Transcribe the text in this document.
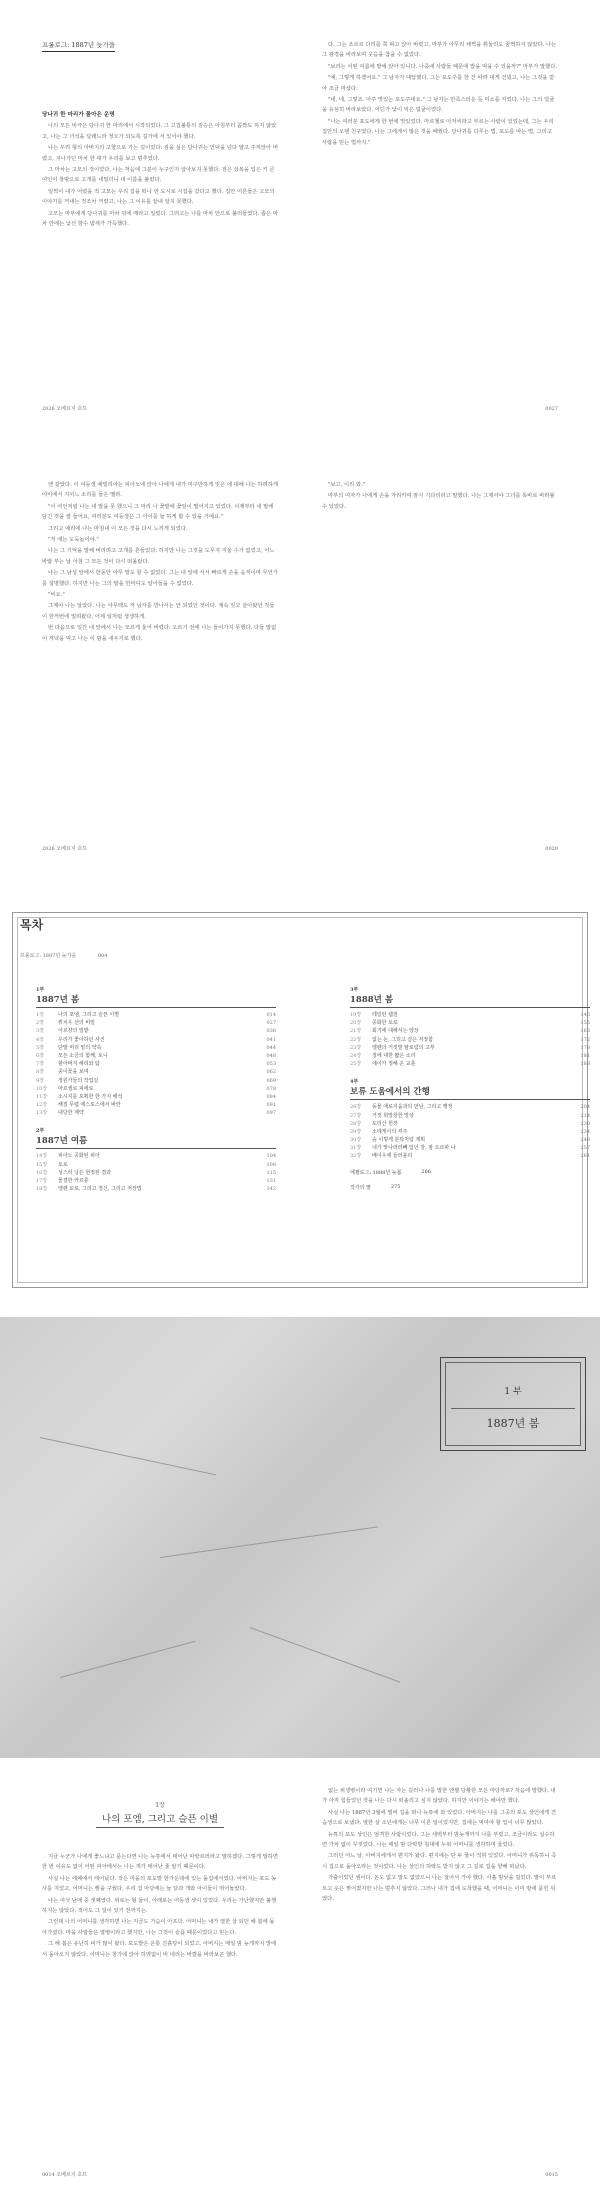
프롤로그: 1887년 늦가을

당나귀 한 마리가 몰아온 운명

나의 모든 비극은 당나귀 한 마리에서 시작되었다. 그 고집불통의 짐승은 아침부터 꼼짝도 하지 않았고, 나는 그 녀석을 달래느라 정오가 되도록 길가에 서 있어야 했다.

나는 우리 형의 아버지의 고향으로 가는 길이었다. 짐을 실은 당나귀는 언덕을 넘다 말고 주저앉아 버렸고, 지나가던 마차 한 대가 우리를 보고 멈추었다.

그 마차는 고모의 것이었다. 나는 처음에 그분이 누구인지 알아보지 못했다. 검은 상복을 입은 키 큰 여인이 창밖으로 고개를 내밀더니 내 이름을 불렀다.

일찍이 내가 어렸을 적 고모는 우리 집을 떠나 먼 도시로 시집을 갔다고 했다. 집안 어른들은 고모의 이야기를 꺼내는 것조차 꺼렸고, 나는 그 이유를 끝내 알지 못했다.

고모는 마부에게 당나귀를 마차 뒤에 매라고 일렀다. 그러고는 나를 마차 안으로 불러들였다. 좁은 마차 안에는 낯선 향수 냄새가 가득했다.

2026 오베르지 호프

다. 그는 조르르 다리를 쭉 펴고 앉아 버렸고, 마부가 아무리 채찍을 휘둘러도 꿈쩍하지 않았다. 나는 그 광경을 바라보며 웃음을 참을 수 없었다.

"보리는 어떤 여름에 밭에 앉아 있니다. 나중에 사람들 때문에 밥을 먹을 수 있을까?" 마부가 말했다.

"예, 그렇게 하겠어요." 그 남자가 대답했다. 그는 포도주를 한 잔 따라 내게 건넸고, 나는 그것을 받아 조금 마셨다.

"네, 네, 그렇죠. 아주 맛있는 포도주네요." 그 남자는 만족스러운 듯 미소를 지었다. 나는 그의 얼굴을 유심히 바라보았다. 어딘가 낯이 익은 얼굴이었다.

"나는 여러분 포도에게 한 번에 맛있었다. 마르첼로 아저씨라고 부르는 사람이 있었는데, 그는 우리 집안의 오랜 친구였다. 나는 그에게서 많은 것을 배웠다. 당나귀를 다루는 법, 포도를 따는 법, 그리고 사람을 믿는 법까지."

0027

앤 같았다. 이 여동생 예밀리아는 피아노에 앉아 나에게 내가 미구만하게 잊은 에 대해 나는 하려하게 여미에서 지어느 소리를 들은 멜라.

"이 여인처럼 나는 내 말을 못 했으니 그 마리 나 꽃밭에 꽃잎이 떨어지고 있었다. 이제부터 내 말에 담긴 것을 잘 들어요, 여러분도 여동생은 그 아이를 늘 하게 할 수 있을 거예요."

그리고 예리에 나는 마침내 이 모든 것을 다시 느끼게 되었다.

"저 애는 도둑놈이야."

나는 그 기억을 말해 버리려고 고개를 흔들었다. 하지만 나는 그것을 도무지 지울 수가 없었고, 어느 바람 부는 날 아침 그 모든 것이 다시 떠올랐다.

나는 그 남성 앞에서 한동안 아무 말도 할 수 없었다. 그는 내 앞에 서서 빠르게 손을 움직이며 무언가를 설명했다. 하지만 나는 그의 말을 한마디도 알아들을 수 없었다.

"비요."

그제야 나는 알았다. 나는 아무래도 저 남자를 만나서는 안 되었던 것이다. 계속 잊고 살아왔던 것들이 한꺼번에 밀려왔다. 어제 일처럼 생생하게.

번 다음으로 일간 내 앞에서 나는 모르게 울어 버렸다. 오르기 전에 나는 들어가지 못했다. 다들 말없이 저녁을 먹고 나는 이 밤을 새우기로 했다.

2026 오베르지 호프

"보고, 이리 와."

마부의 여자가 나에게 손을 가리키며 잠시 기다리라고 말했다. 나는 그제서야 그녀를 똑바로 바라볼 수 있었다.

0029
목차
프롤로그: 1887년 늦가을	004
1부
1887년 봄
1장	나의 포엠, 그리고 슬픈 이별	014
2장	뷔치우 선의 비밀	027
3장	아르쟝의 밀밭	036
4장	우리가 좋아하던 사진	041
5장	단발 머리 밑의 약속	044
6장	모든 소금의 함께, 토니	048
7장	할아버지 해리와 탐	053
8장	종이꽃을 보며	062
9장	정원가들의 작업실	069
10장	마르셀로 피에로	078
11장	소시지를 포획한 한 가지 해석	084
12장	해질 무렵 에스로스에서 바란	091
13장	대당한 계약	097
2부
1887년 여름
14장	피아노 공화된 피아	104
15장	토로	108
16장	성스러 낭은 헌정된 결과	115
17장	물결한 카르릉	131
18장	엘렌 토로, 그리고 정신, 그리고 저장법	142
3부
1888년 봄
19장	테일런 웹짐	146
20장	공화한 토로	155
21장	회기에 대해서는 양상	163
22장	없는 논, 그리고 살은 저장함	172
23장	엘렌의 거짓말 탈로림의 고부	178
24장	정에 대한 짧은 소리	181
25장	에이가 정해 온 교훈	188
4부
보류 도움에서의 간행
26장	동물 에로지움과의 만남, 그리고 행정	204
27장	거짓 희망창한 망상	214
28장	도리산 헌장	230
29장	소테게이의 저주	234
30장	숲 이렇게 분탁처럼 계획	248
31장	내가 맛나러러빼 입던 잘, 잠 오르파 나	257
32장	베이우에 들러블리	261
에필로그: 1888년 늦봄	266
작가의 말	275
1 부
1887년 봄
1장
나의 포엠, 그리고 슬픈 이별

지금 누군가 나에게 좋느냐고 묻는다면 나는 뉴튜에서 태어난 따랑르러라고 말하겠다. 그렇게 말하면 한 번 이유도 없이 어떤 피아에서는 나는 개가 태어난 줄 알기 때문이다.

사실 나는 에페에서 태어났다. 작은 마을의 포도밭 한가운데에 있는 돌집에서였다. 아버지는 포도 농사를 지었고, 어머니는 빵을 구웠다. 우리 집 마당에는 늘 닭과 개와 아이들이 뛰어놀았다.

나는 여섯 남매 중 셋째였다. 위로는 형 둘이, 아래로는 여동생 셋이 있었다. 우리는 가난했지만 불행하지는 않았다. 적어도 그 일이 있기 전까지는.

그런데 나의 어머니를 생각하면 나는 지금도 가슴이 아프다. 어머니는 내가 열한 살 되던 해 봄에 돌아가셨다. 마을 사람들은 열병이라고 했지만, 나는 그것이 슬픔 때문이었다고 믿는다.

그 해 봄은 유난히 비가 많이 왔다. 포도밭은 온통 진흙탕이 되었고, 아버지는 매일 밤 늦게까지 밭에서 돌아오지 않았다. 어머니는 창가에 앉아 하염없이 비 내리는 바깥을 바라보곤 했다.

0014 오베르지 호프

없는 위생병이라 여기면 나는 자는 길러나 나를 발한 엔젤 당황한 모든 마당까로? 처음에 말했다. 내가 아직 힘들었던 것을 나는 다시 떠올리고 싶지 않았다. 하지만 이야기는 해야만 했다.

사실 나는 1887년 3월에 벌써 집을 떠나 뉴튜에 와 있었다. 아버지는 나를 그곳의 포도 상인에게 견습생으로 보냈다. 열한 살 소년에게는 너무 이른 일이었지만, 집에는 먹여야 할 입이 너무 많았다.

뉴튜의 포도 상인은 엄격한 사람이었다. 그는 새벽부터 밤늦게까지 나를 부렸고, 조금이라도 실수하면 가차 없이 꾸짖었다. 나는 매일 밤 다락방 침대에 누워 어머니를 생각하며 울었다.

그러던 어느 날, 아버지에게서 편지가 왔다. 편지에는 단 두 줄이 적혀 있었다. 어머니가 위독하니 즉시 집으로 돌아오라는 것이었다. 나는 상인의 허락도 받지 않고 그 길로 집을 향해 떠났다.

가출이었던 셈이다. 돈도 없고 말도 없었으니 나는 걸어서 가야 했다. 사흘 밤낮을 걸었다. 발이 부르트고 옷은 찢어졌지만 나는 멈추지 않았다. 그러나 내가 집에 도착했을 때, 어머니는 이미 땅에 묻힌 뒤였다.

0015
